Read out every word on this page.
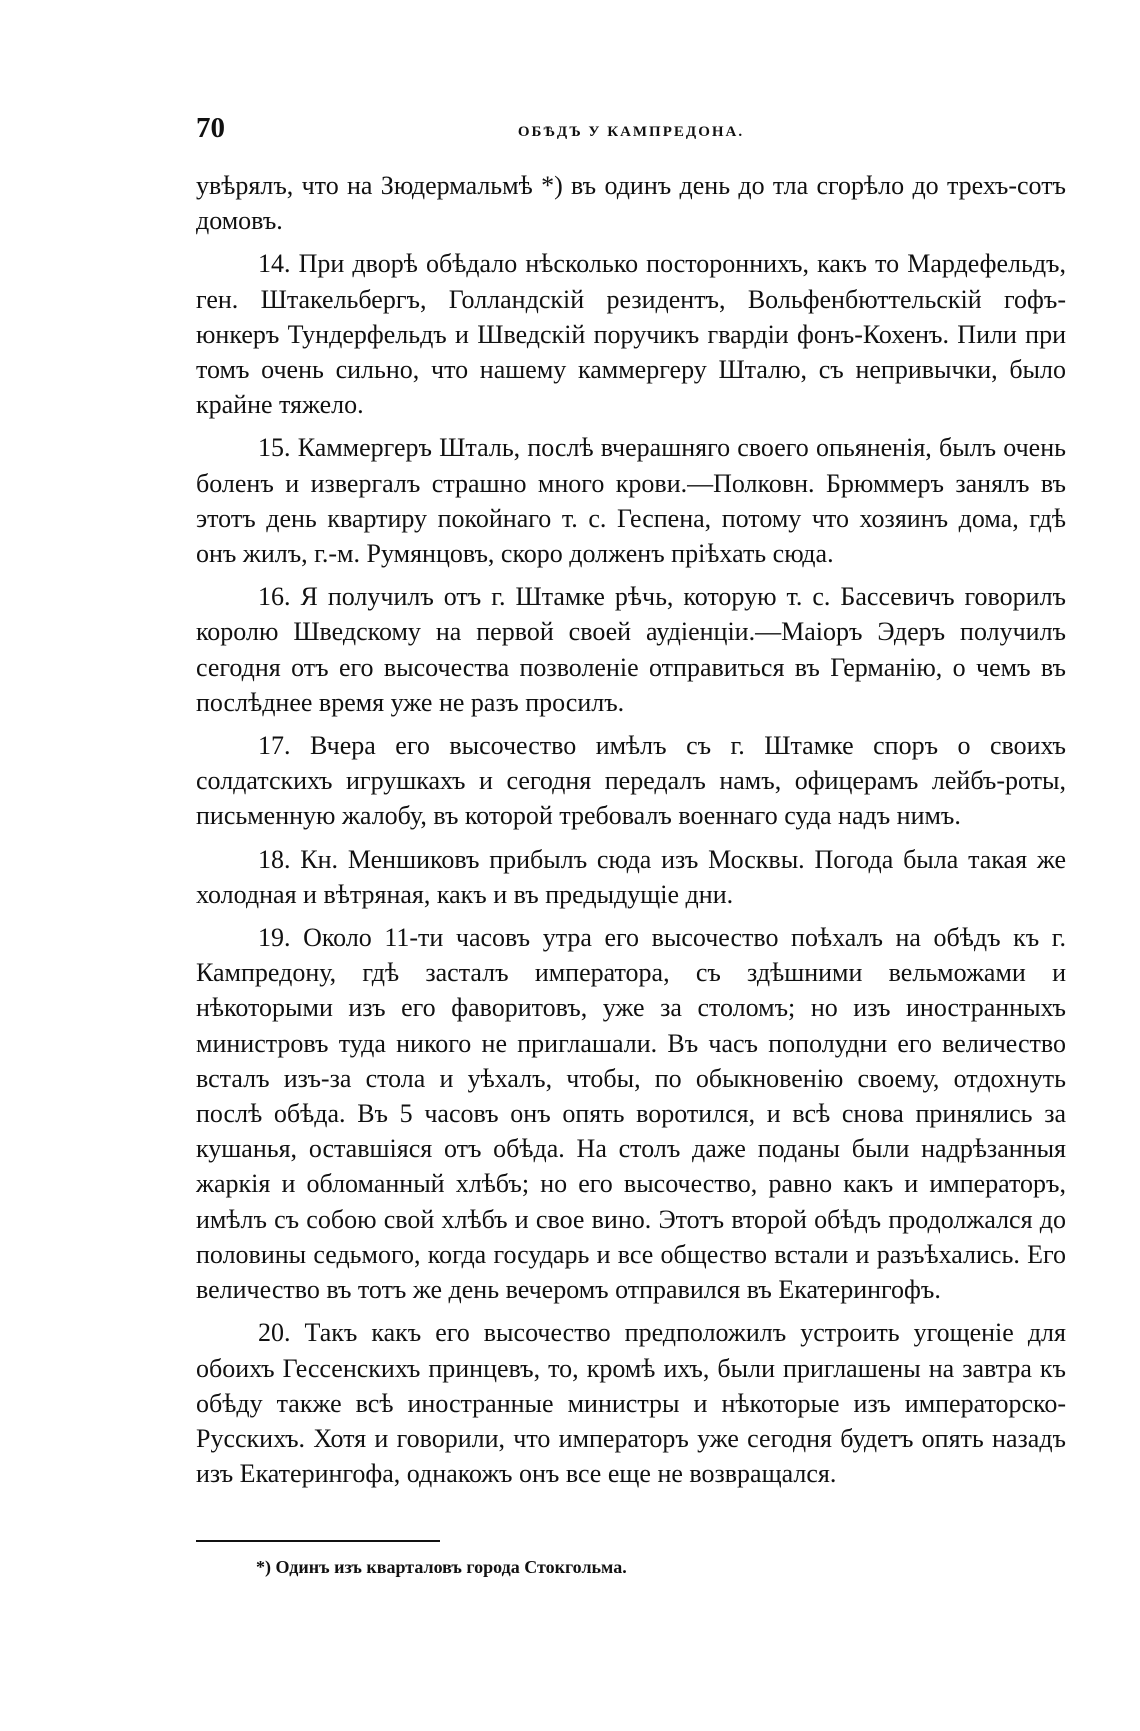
70	ОБѢДЪ У КАМПРЕДОНА.

увѣрялъ, что на Зюдермальмѣ *) въ одинъ день до тла сгорѣло до трехъ-сотъ домовъ.

14. При дворѣ обѣдало нѣсколько постороннихъ, какъ то Мардефельдъ, ген. Штакельбергъ, Голландскій резидентъ, Вольфенбюттельскій гофъ-юнкеръ Тундерфельдъ и Шведскій поручикъ гвардіи фонъ-Кохенъ. Пили при томъ очень сильно, что нашему каммергеру Шталю, съ непривычки, было крайне тяжело.

15. Каммергеръ Шталь, послѣ вчерашняго своего опьяненія, былъ очень боленъ и извергалъ страшно много крови.—Полковн. Брюммеръ занялъ въ этотъ день квартиру покойнаго т. с. Геспена, потому что хозяинъ дома, гдѣ онъ жилъ, г.-м. Румянцовъ, скоро долженъ пріѣхать сюда.

16. Я получилъ отъ г. Штамке рѣчь, которую т. с. Бассевичъ говорилъ королю Шведскому на первой своей аудіенціи.—Маіоръ Эдеръ получилъ сегодня отъ его высочества позволеніе отправиться въ Германію, о чемъ въ послѣднее время уже не разъ просилъ.

17. Вчера его высочество имѣлъ съ г. Штамке споръ о своихъ солдатскихъ игрушкахъ и сегодня передалъ намъ, офицерамъ лейбъ-роты, письменную жалобу, въ которой требовалъ военнаго суда надъ нимъ.

18. Кн. Меншиковъ прибылъ сюда изъ Москвы. Погода была такая же холодная и вѣтряная, какъ и въ предыдущіе дни.

19. Около 11-ти часовъ утра его высочество поѣхалъ на обѣдъ къ г. Кампредону, гдѣ засталъ императора, съ здѣшними вельможами и нѣкоторыми изъ его фаворитовъ, уже за столомъ; но изъ иностранныхъ министровъ туда никого не приглашали. Въ часъ пополудни его величество всталъ изъ-за стола и уѣхалъ, чтобы, по обыкновенію своему, отдохнуть послѣ обѣда. Въ 5 часовъ онъ опять воротился, и всѣ снова принялись за кушанья, оставшіяся отъ обѣда. На столъ даже поданы были надрѣзанныя жаркія и обломанный хлѣбъ; но его высочество, равно какъ и императоръ, имѣлъ съ собою свой хлѣбъ и свое вино. Этотъ второй обѣдъ продолжался до половины седьмого, когда государь и все общество встали и разъѣхались. Его величество въ тотъ же день вечеромъ отправился въ Екатерингофъ.

20. Такъ какъ его высочество предположилъ устроить угощеніе для обоихъ Гессенскихъ принцевъ, то, кромѣ ихъ, были приглашены на завтра къ обѣду также всѣ иностранные министры и нѣкоторые изъ императорско-Русскихъ. Хотя и говорили, что императоръ уже сегодня будетъ опять назадъ изъ Екатерингофа, однакожъ онъ все еще не возвращался.

*) Одинъ изъ кварталовъ города Стокгольма.
